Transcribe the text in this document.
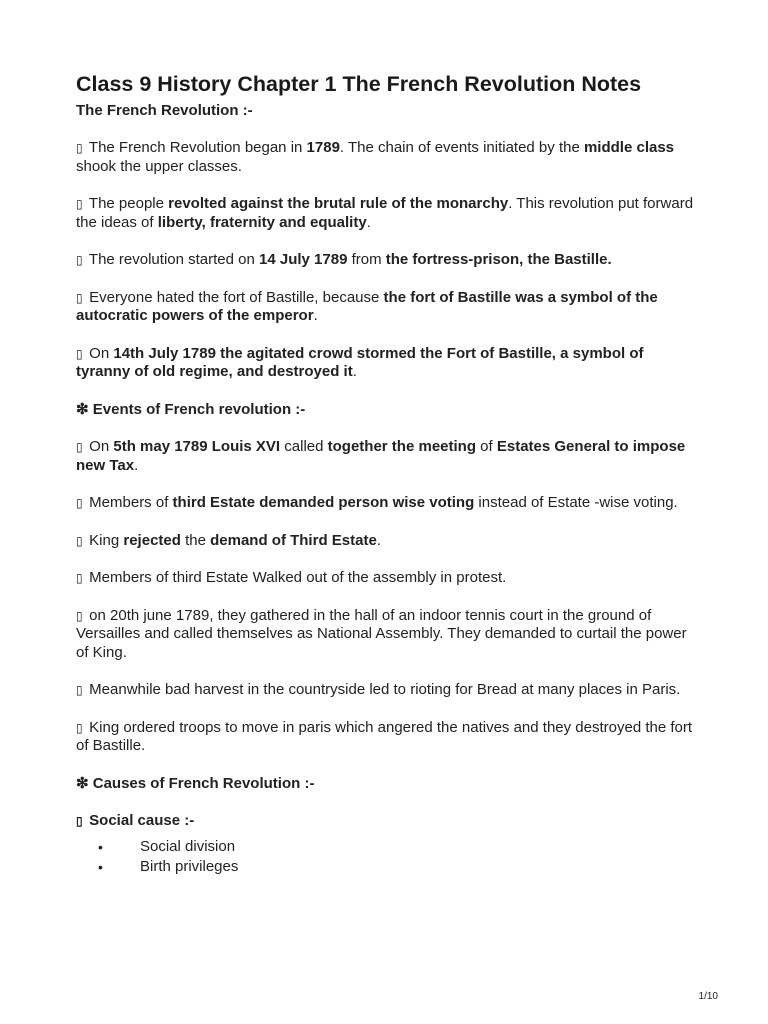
Class 9 History Chapter 1 The French Revolution Notes
The French Revolution :-

▯ The French Revolution began in 1789. The chain of events initiated by the middle class shook the upper classes.

▯ The people revolted against the brutal rule of the monarchy. This revolution put forward the ideas of liberty, fraternity and equality.

▯ The revolution started on 14 July 1789 from the fortress-prison, the Bastille.

▯ Everyone hated the fort of Bastille, because the fort of Bastille was a symbol of the autocratic powers of the emperor.

▯ On 14th July 1789 the agitated crowd stormed the Fort of Bastille, a symbol of tyranny of old regime, and destroyed it.

❇ Events of French revolution :-

▯ On 5th may 1789 Louis XVI called together the meeting of Estates General to impose new Tax.

▯ Members of third Estate demanded person wise voting instead of Estate -wise voting.

▯ King rejected the demand of Third Estate.

▯ Members of third Estate Walked out of the assembly in protest.

▯ on 20th june 1789, they gathered in the hall of an indoor tennis court in the ground of Versailles and called themselves as National Assembly. They demanded to curtail the power of King.

▯ Meanwhile bad harvest in the countryside led to rioting for Bread at many places in Paris.

▯ King ordered troops to move in paris which angered the natives and they destroyed the fort of Bastille.

❇ Causes of French Revolution :-

▯ Social cause :-

• Social division
• Birth privileges
1/10
